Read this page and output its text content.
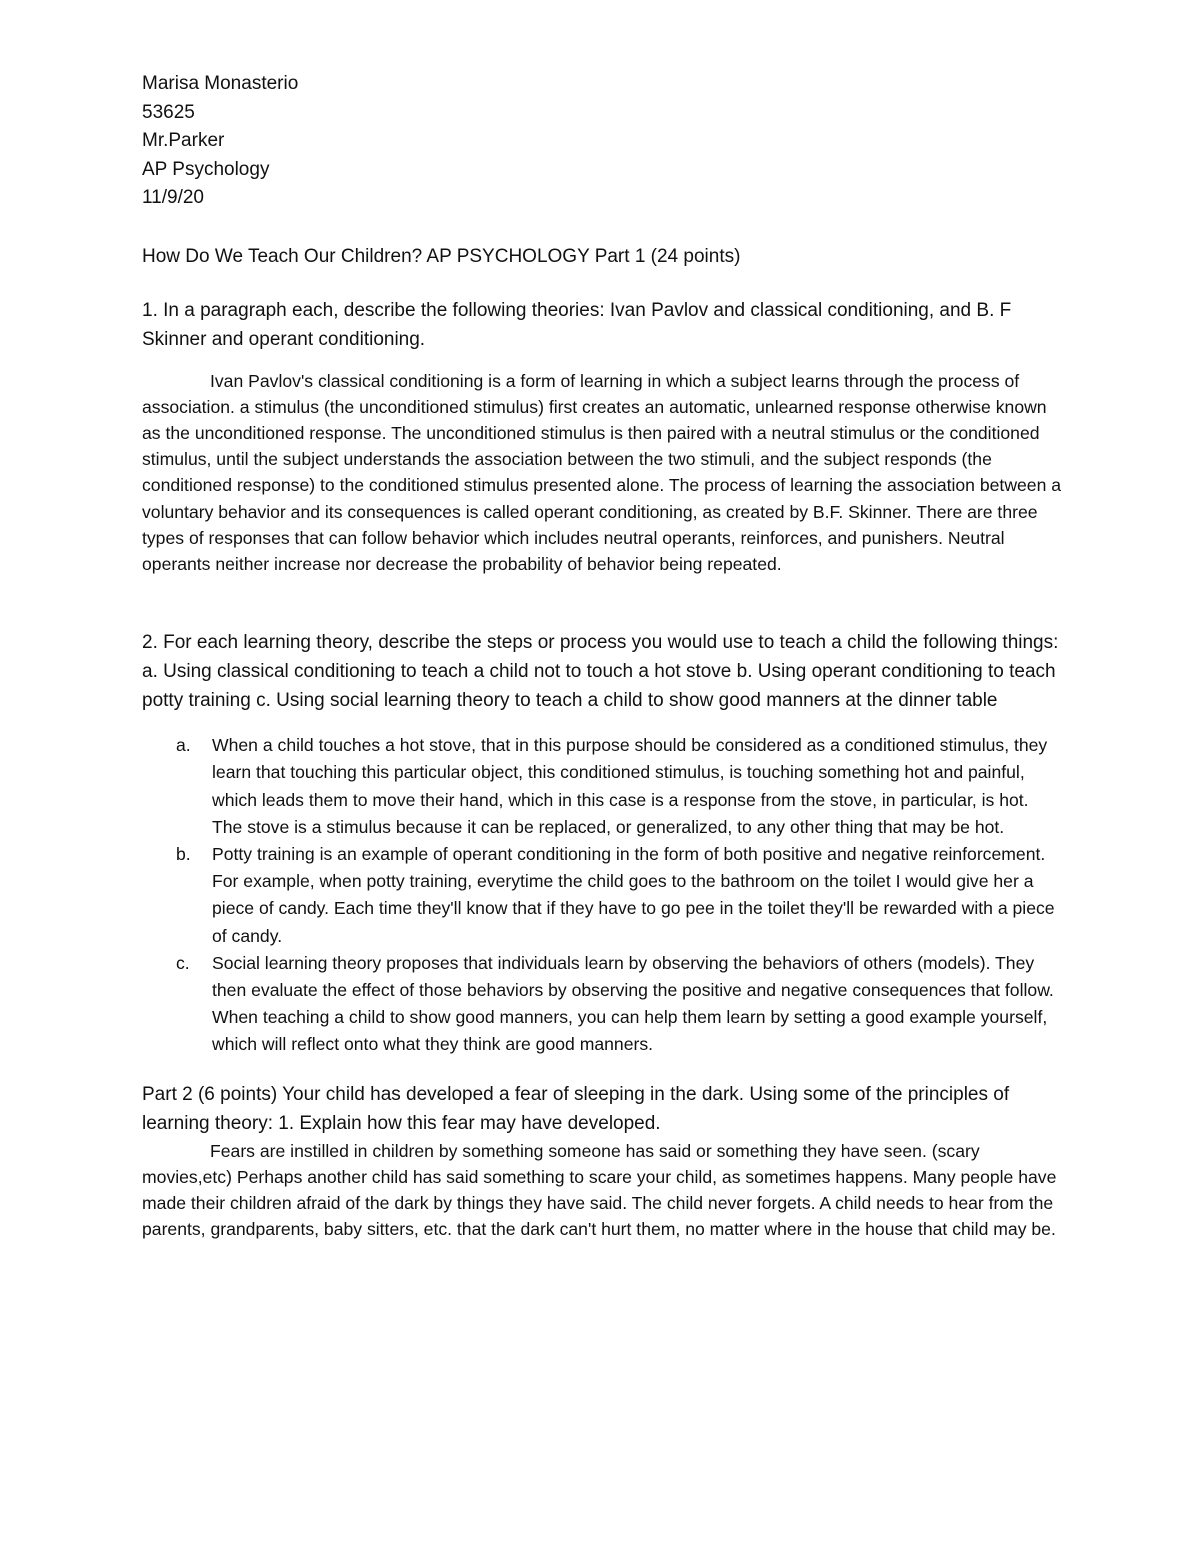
Marisa Monasterio

53625

Mr.Parker

AP Psychology

11/9/20

How Do We Teach Our Children? AP PSYCHOLOGY Part 1 (24 points)

1. In a paragraph each, describe the following theories: Ivan Pavlov and classical conditioning, and B. F Skinner and operant conditioning.

Ivan Pavlov's classical conditioning is a form of learning in which a subject learns through the process of association. a stimulus (the unconditioned stimulus) first creates an automatic, unlearned response otherwise known as the unconditioned response. The unconditioned stimulus is then paired with a neutral stimulus or the conditioned stimulus, until the subject understands the association between the two stimuli, and the subject responds (the conditioned response) to the conditioned stimulus presented alone. The process of learning the association between a voluntary behavior and its consequences is called operant conditioning, as created by B.F. Skinner. There are three types of responses that can follow behavior which includes neutral operants, reinforces, and punishers. Neutral operants neither increase nor decrease the probability of behavior being repeated.

2. For each learning theory, describe the steps or process you would use to teach a child the following things: a. Using classical conditioning to teach a child not to touch a hot stove b. Using operant conditioning to teach potty training c. Using social learning theory to teach a child to show good manners at the dinner table

a. When a child touches a hot stove, that in this purpose should be considered as a conditioned stimulus, they learn that touching this particular object, this conditioned stimulus, is touching something hot and painful, which leads them to move their hand, which in this case is a response from the stove, in particular, is hot. The stove is a stimulus because it can be replaced, or generalized, to any other thing that may be hot.
b. Potty training is an example of operant conditioning in the form of both positive and negative reinforcement. For example, when potty training, everytime the child goes to the bathroom on the toilet I would give her a piece of candy. Each time they'll know that if they have to go pee in the toilet they'll be rewarded with a piece of candy.
c. Social learning theory proposes that individuals learn by observing the behaviors of others (models). They then evaluate the effect of those behaviors by observing the positive and negative consequences that follow. When teaching a child to show good manners, you can help them learn by setting a good example yourself, which will reflect onto what they think are good manners.

Part 2 (6 points) Your child has developed a fear of sleeping in the dark. Using some of the principles of learning theory: 1. Explain how this fear may have developed.

Fears are instilled in children by something someone has said or something they have seen. (scary movies,etc) Perhaps another child has said something to scare your child, as sometimes happens. Many people have made their children afraid of the dark by things they have said. The child never forgets. A child needs to hear from the parents, grandparents, baby sitters, etc. that the dark can't hurt them, no matter where in the house that child may be.
